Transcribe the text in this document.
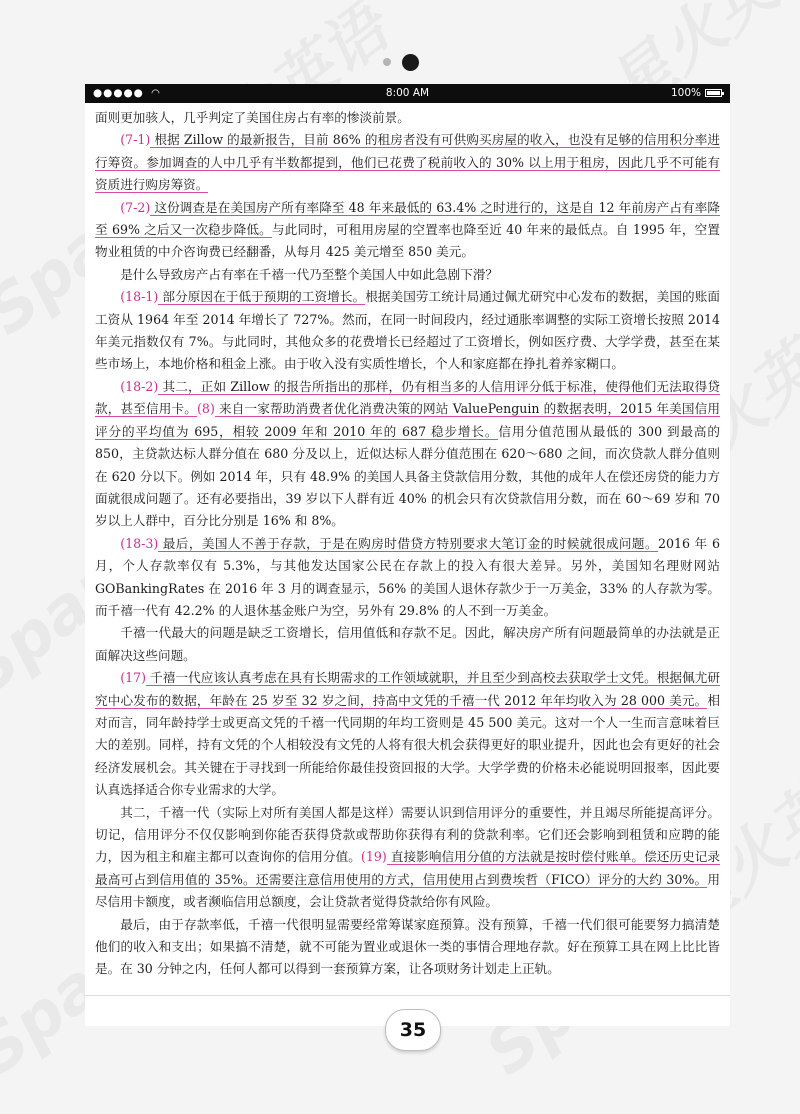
●●●●● ◠	8:00 AM	100%

面则更加骇人，几乎判定了美国住房占有率的惨淡前景。

(7-1) 根据 Zillow 的最新报告，目前 86% 的租房者没有可供购买房屋的收入，也没有足够的信用积分率进行筹资。参加调查的人中几乎有半数都提到，他们已花费了税前收入的 30% 以上用于租房，因此几乎不可能有资质进行购房筹资。

(7-2) 这份调查是在美国房产所有率降至 48 年来最低的 63.4% 之时进行的，这是自 12 年前房产占有率降至 69% 之后又一次稳步降低。与此同时，可租用房屋的空置率也降至近 40 年来的最低点。自 1995 年，空置物业租赁的中介咨询费已经翻番，从每月 425 美元增至 850 美元。

是什么导致房产占有率在千禧一代乃至整个美国人中如此急剧下滑？

(18-1) 部分原因在于低于预期的工资增长。根据美国劳工统计局通过佩尤研究中心发布的数据，美国的账面工资从 1964 年至 2014 年增长了 727%。然而，在同一时间段内，经过通胀率调整的实际工资增长按照 2014 年美元指数仅有 7%。与此同时，其他众多的花费增长已经超过了工资增长，例如医疗费、大学学费，甚至在某些市场上，本地价格和租金上涨。由于收入没有实质性增长，个人和家庭都在挣扎着养家糊口。

(18-2) 其二，正如 Zillow 的报告所指出的那样，仍有相当多的人信用评分低于标准，使得他们无法取得贷款，甚至信用卡。(8) 来自一家帮助消费者优化消费决策的网站 ValuePenguin 的数据表明，2015 年美国信用评分的平均值为 695，相较 2009 年和 2010 年的 687 稳步增长。信用分值范围从最低的 300 到最高的 850，主贷款达标人群分值在 680 分及以上，近似达标人群分值范围在 620～680 之间，而次贷款人群分值则在 620 分以下。例如 2014 年，只有 48.9% 的美国人具备主贷款信用分数，其他的成年人在偿还房贷的能力方面就很成问题了。还有必要指出，39 岁以下人群有近 40% 的机会只有次贷款信用分数，而在 60～69 岁和 70 岁以上人群中，百分比分别是 16% 和 8%。

(18-3) 最后，美国人不善于存款，于是在购房时借贷方特别要求大笔订金的时候就很成问题。2016 年 6 月，个人存款率仅有 5.3%，与其他发达国家公民在存款上的投入有很大差异。另外，美国知名理财网站 GOBankingRates 在 2016 年 3 月的调查显示，56% 的美国人退休存款少于一万美金，33% 的人存款为零。而千禧一代有 42.2% 的人退休基金账户为空，另外有 29.8% 的人不到一万美金。

千禧一代最大的问题是缺乏工资增长，信用值低和存款不足。因此，解决房产所有问题最简单的办法就是正面解决这些问题。

(17) 千禧一代应该认真考虑在具有长期需求的工作领域就职，并且至少到高校去获取学士文凭。根据佩尤研究中心发布的数据，年龄在 25 岁至 32 岁之间，持高中文凭的千禧一代 2012 年年均收入为 28 000 美元。相对而言，同年龄持学士或更高文凭的千禧一代同期的年均工资则是 45 500 美元。这对一个人一生而言意味着巨大的差别。同样，持有文凭的个人相较没有文凭的人将有很大机会获得更好的职业提升，因此也会有更好的社会经济发展机会。其关键在于寻找到一所能给你最佳投资回报的大学。大学学费的价格未必能说明回报率，因此要认真选择适合你专业需求的大学。

其二，千禧一代（实际上对所有美国人都是这样）需要认识到信用评分的重要性，并且竭尽所能提高评分。切记，信用评分不仅仅影响到你能否获得贷款或帮助你获得有利的贷款利率。它们还会影响到租赁和应聘的能力，因为租主和雇主都可以查询你的信用分值。(19) 直接影响信用分值的方法就是按时偿付账单。偿还历史记录最高可占到信用值的 35%。还需要注意信用使用的方式，信用使用占到费埃哲（FICO）评分的大约 30%。用尽信用卡额度，或者濒临信用总额度，会让贷款者觉得贷款给你有风险。

最后，由于存款率低，千禧一代很明显需要经常筹谋家庭预算。没有预算，千禧一代们很可能要努力搞清楚他们的收入和支出；如果搞不清楚，就不可能为置业或退休一类的事情合理地存款。好在预算工具在网上比比皆是。在 30 分钟之内，任何人都可以得到一套预算方案，让各项财务计划走上正轨。

35
